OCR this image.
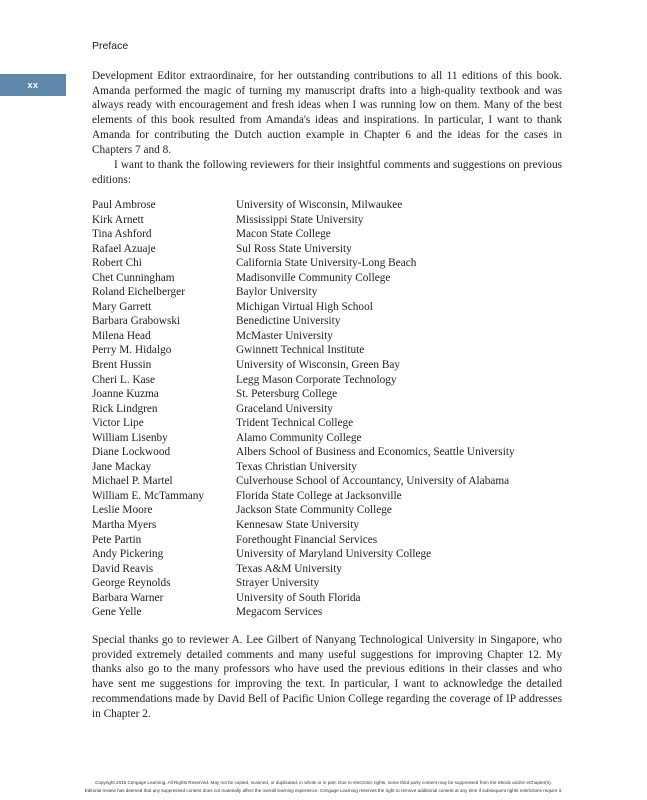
Preface
xx

Development Editor extraordinaire, for her outstanding contributions to all 11 editions of this book. Amanda performed the magic of turning my manuscript drafts into a high-quality textbook and was always ready with encouragement and fresh ideas when I was running low on them. Many of the best elements of this book resulted from Amanda's ideas and inspirations. In particular, I want to thank Amanda for contributing the Dutch auction example in Chapter 6 and the ideas for the cases in Chapters 7 and 8.

I want to thank the following reviewers for their insightful comments and suggestions on previous editions:

Paul Ambrose	University of Wisconsin, Milwaukee
Kirk Arnett	Mississippi State University
Tina Ashford	Macon State College
Rafael Azuaje	Sul Ross State University
Robert Chi	California State University-Long Beach
Chet Cunningham	Madisonville Community College
Roland Eichelberger	Baylor University
Mary Garrett	Michigan Virtual High School
Barbara Grabowski	Benedictine University
Milena Head	McMaster University
Perry M. Hidalgo	Gwinnett Technical Institute
Brent Hussin	University of Wisconsin, Green Bay
Cheri L. Kase	Legg Mason Corporate Technology
Joanne Kuzma	St. Petersburg College
Rick Lindgren	Graceland University
Victor Lipe	Trident Technical College
William Lisenby	Alamo Community College
Diane Lockwood	Albers School of Business and Economics, Seattle University
Jane Mackay	Texas Christian University
Michael P. Martel	Culverhouse School of Accountancy, University of Alabama
William E. McTammany	Florida State College at Jacksonville
Leslie Moore	Jackson State Community College
Martha Myers	Kennesaw State University
Pete Partin	Forethought Financial Services
Andy Pickering	University of Maryland University College
David Reavis	Texas A&M University
George Reynolds	Strayer University
Barbara Warner	University of South Florida
Gene Yelle	Megacom Services

Special thanks go to reviewer A. Lee Gilbert of Nanyang Technological University in Singapore, who provided extremely detailed comments and many useful suggestions for improving Chapter 12. My thanks also go to the many professors who have used the previous editions in their classes and who have sent me suggestions for improving the text. In particular, I want to acknowledge the detailed recommendations made by David Bell of Pacific Union College regarding the coverage of IP addresses in Chapter 2.

Copyright 2015 Cengage Learning. All Rights Reserved. May not be copied, scanned, or duplicated, in whole or in part. Due to electronic rights, some third party content may be suppressed from the eBook and/or eChapter(s).
Editorial review has deemed that any suppressed content does not materially affect the overall learning experience. Cengage Learning reserves the right to remove additional content at any time if subsequent rights restrictions require it.
